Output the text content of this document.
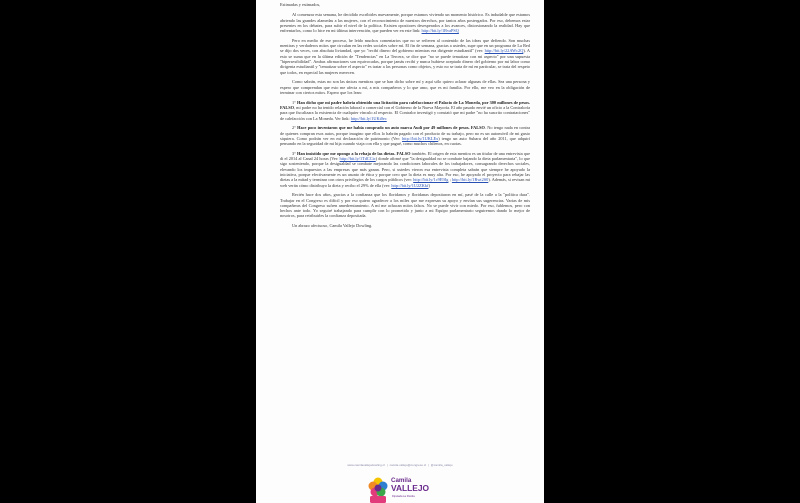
Estimadas y estimados,

Al comenzar esta semana, he decidido escribirles nuevamente, porque estamos viviendo un momento histórico. Es indudable que estamos abriendo las grandes alamedas a las mujeres, con el reconocimiento de nuestros derechos, por tantos años postergados. Por eso, debemos estar presentes en los debates, para subir el nivel de la política. Existen opositores desesperados a los avances, distorsionando la realidad. Hay que enfrentarlos, como lo hice en mi última intervención, que pueden ver en este link: http://bit.ly/1RvaPSQ

Pero en medio de ese proceso, he leído muchos comentarios que no se refieren al contenido de las ideas que defiendo. Son muchas mentiras y verdaderos mitos que circulan en las redes sociales sobre mí. El fin de semana, gracias a ustedes, supe que en un programa de La Red se dijo dos veces, con absoluta liviandad, que yo "recibí dinero del gobierno mientras era dirigente estudiantil" (ver: http://bit.ly/22AWc2Q). A esto se suma que en la última edición de "Tendencias" en La Tercera, se dice que "no se puede tematizar con mi aspecto" por una supuesta "hipersexibilidad". Ambas afirmaciones son equivocadas, porque jamás recibí y nunca hubiese aceptado dinero del gobierno por mi labor como dirigenta estudiantil y "tematizar sobre el aspecto" es tratar a las personas como objetos, y esto no se trata de mí en particular, se trata del respeto que todos, en especial las mujeres merecen.

Como sabrán, estas no son las únicas mentiras que se han dicho sobre mí y aquí sólo quiero aclarar algunas de ellas. Sea una persona y espero que comprendan que esto me afecta a mí, a mis compañeros y lo que amo, que es mi familia. Por ello, me veo en la obligación de terminar con ciertos mitos. Espero que los lean:

1° Han dicho que mi padre habría obtenido una licitación para calefaccionar el Palacio de La Moneda, por 300 millones de pesos. FALSO, mi padre no ha tenido relación laboral o comercial con el Gobierno de la Nueva Mayoría. El año pasado envié un oficio a la Contraloría para que fiscalizara la existencia de cualquier vínculo al respecto. El Contralor investigó y constató que mi padre "no ha suscrito contrataciones" de calefacción con La Moneda. Ver link: http://bit.ly/1UKt0ec

2° Hace poco inventaron que me había comprado un auto marca Audi por 49 millones de pesos. FALSO. No tengo nada en contra de quienes compran esos autos, porque imagino que ellos lo habrán pagado con el producto de su trabajo, pero no es un automóvil de mi gusto siquiera. Como podrán ver en mi declaración de patrimonio (Ver: http://bit.ly/1UKLEx) tengo un auto Subaru del año 2011, que adquirí pensando en la seguridad de mi hija cuando viaja con ella y que pagué, como muchos chilenos, en cuotas.

3° Han insistido que me opongo a la rebaja de las dietas. FALSO también. El origen de esta mentira es un titular de una entrevista que di el 2014 al Canal 24 horas (Ver: http://bit.ly/1TdCCtc) donde afirmé que "la desigualdad no se combate bajando la dieta parlamentaria", lo que sigo sosteniendo, porque la desigualdad se combate mejorando las condiciones laborales de los trabajadores, consagrando derechos sociales, elevando los impuestos a las empresas que más ganan. Pero, si ustedes vieron esa entrevista completa sabrán que siempre he apoyado la iniciativa, porque efectivamente es un asunto de ética y porque creo que la dieta es muy alta. Por eso, he apoyado el proyecto para rebajar las dietas a la mitad y terminar con otros privilegios de los cargos públicos (ver: http://bit.ly/1c9E9Jg ; http://bit.ly/1Rwt2S0). Además, si revisan mi web verán cómo distribuyo la dieta y recibo el 29% de ella (ver: http://bit.ly/1U2ZKkf)

Recién hace dos años, gracias a la confianza que los floridanos y floridanas depositaron en mí, pasé de la calle a la "política dura". Trabajar en el Congreso es difícil y por eso quiero agradecer a los miles que me expresan su apoyo y envían sus sugerencias. Varias de mis compañeras del Congreso sufren amedrentamiento. A mí me achacan mitos falsos. No se puede vivir con miedo. Por eso, fuhlemos, pero con hechos ante todo. Yo seguiré trabajando para cumplir con lo prometido y junto a mi Equipo parlamentario seguiremos dando lo mejor de nosotros, para retribuirles la confianza depositada.

Un abrazo afectuoso, Camila Vallejo Dowling.

www.camilavallejodowling.cl | camila.vallejo@congreso.cl | @camila_vallejo
Camila
VALLEJO
Diputada La Florida
